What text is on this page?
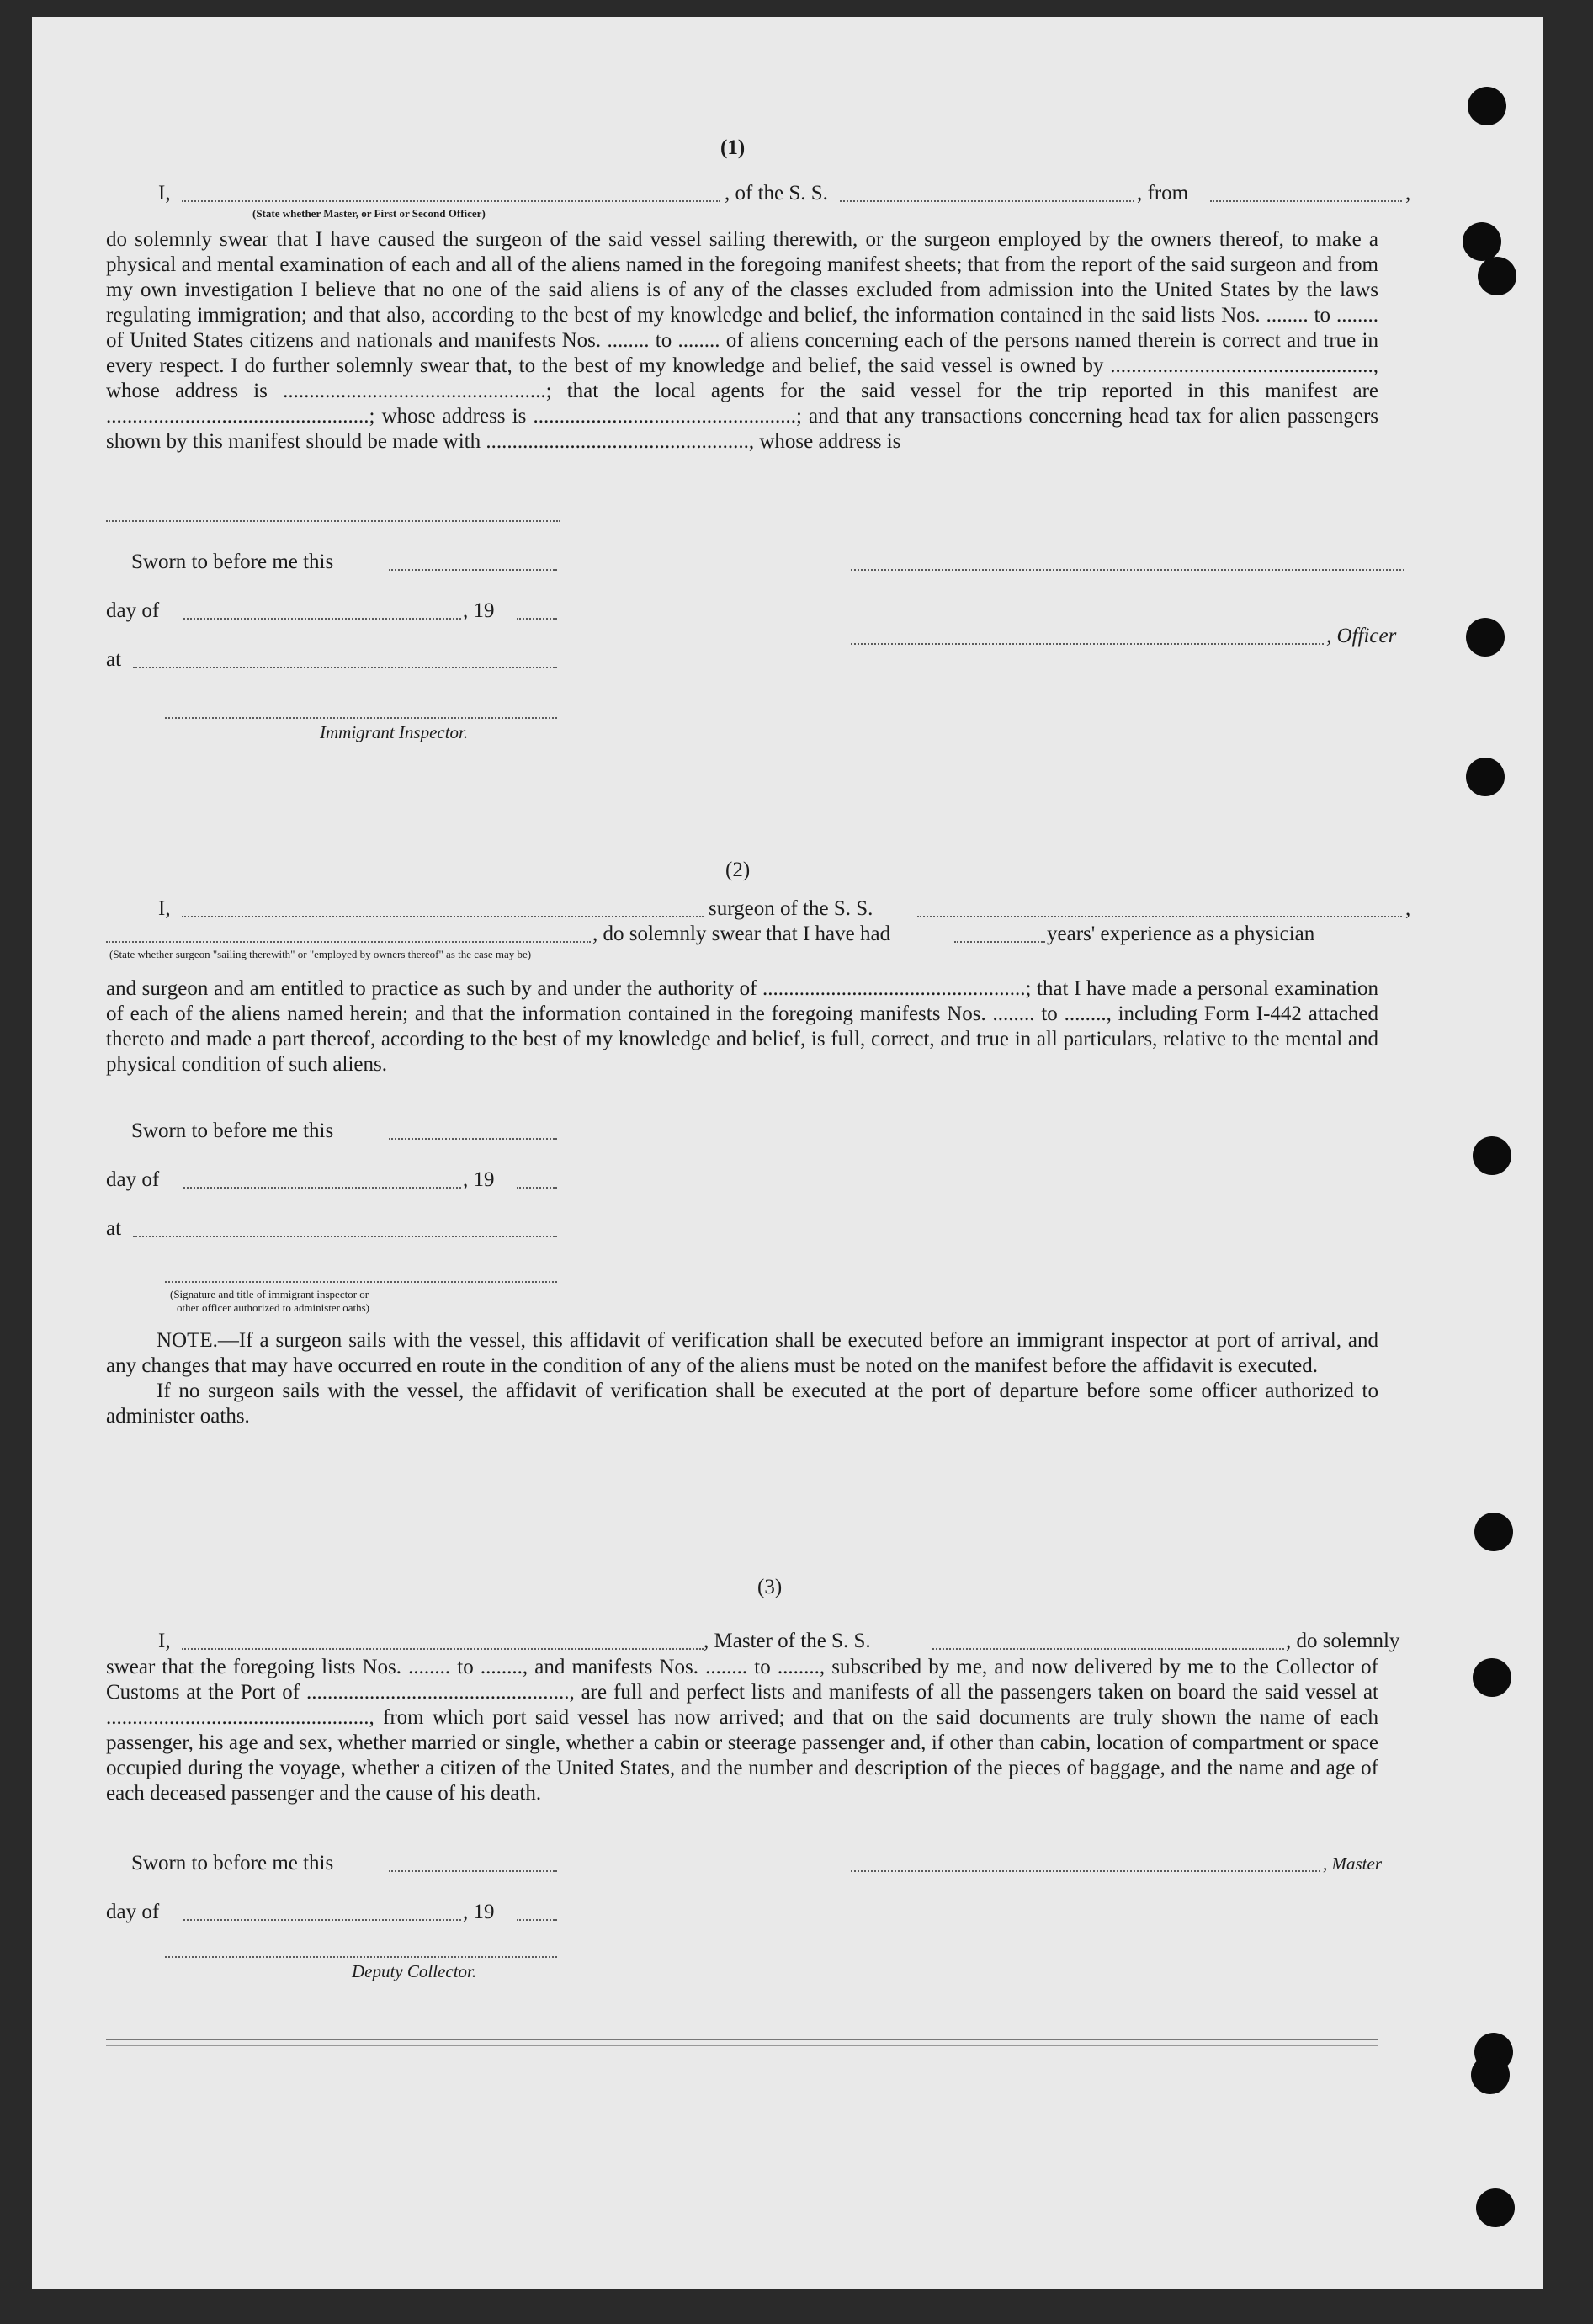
(1)
I,
(State whether Master, or First or Second Officer)
, of the S. S.	, from	,
do solemnly swear that I have caused the surgeon of the said vessel sailing therewith, or the surgeon employed by the owners thereof, to make a physical and mental examination of each and all of the aliens named in the foregoing manifest sheets; that from the report of the said surgeon and from my own investigation I believe that no one of the said aliens is of any of the classes excluded from admission into the United States by the laws regulating immigration; and that also, according to the best of my knowledge and belief, the information contained in the said lists Nos. ........ to ........ of United States citizens and nationals and manifests Nos. ........ to ........ of aliens concerning each of the persons named therein is correct and true in every respect. I do further solemnly swear that, to the best of my knowledge and belief, the said vessel is owned by .................................................., whose address is ..................................................; that the local agents for the said vessel for the trip reported in this manifest are ..................................................; whose address is ..................................................; and that any transactions concerning head tax for alien passengers shown by this manifest should be made with .................................................., whose address is
Sworn to before me this
day of	, 19
, Officer
at
Immigrant Inspector.
(2)
I,	surgeon of the S. S.	,
, do solemnly swear that I have had	years' experience as a physician
(State whether surgeon "sailing therewith" or "employed by owners thereof" as the case may be)
and surgeon and am entitled to practice as such by and under the authority of ..................................................; that I have made a personal examination of each of the aliens named herein; and that the information contained in the foregoing manifests Nos. ........ to ........, including Form I-442 attached thereto and made a part thereof, according to the best of my knowledge and belief, is full, correct, and true in all particulars, relative to the mental and physical condition of such aliens.
Sworn to before me this
day of	, 19
at
(Signature and title of immigrant inspector or
other officer authorized to administer oaths)

NOTE.—If a surgeon sails with the vessel, this affidavit of verification shall be executed before an immigrant inspector at port of arrival, and any changes that may have occurred en route in the condition of any of the aliens must be noted on the manifest before the affidavit is executed.

If no surgeon sails with the vessel, the affidavit of verification shall be executed at the port of departure before some officer authorized to administer oaths.

(3)
I,	, Master of the S. S.	, do solemnly
swear that the foregoing lists Nos. ........ to ........, and manifests Nos. ........ to ........, subscribed by me, and now delivered by me to the Collector of Customs at the Port of .................................................., are full and perfect lists and manifests of all the passengers taken on board the said vessel at .................................................., from which port said vessel has now arrived; and that on the said documents are truly shown the name of each passenger, his age and sex, whether married or single, whether a cabin or steerage passenger and, if other than cabin, location of compartment or space occupied during the voyage, whether a citizen of the United States, and the number and description of the pieces of baggage, and the name and age of each deceased passenger and the cause of his death.
Sworn to before me this	, Master
day of	, 19
Deputy Collector.
